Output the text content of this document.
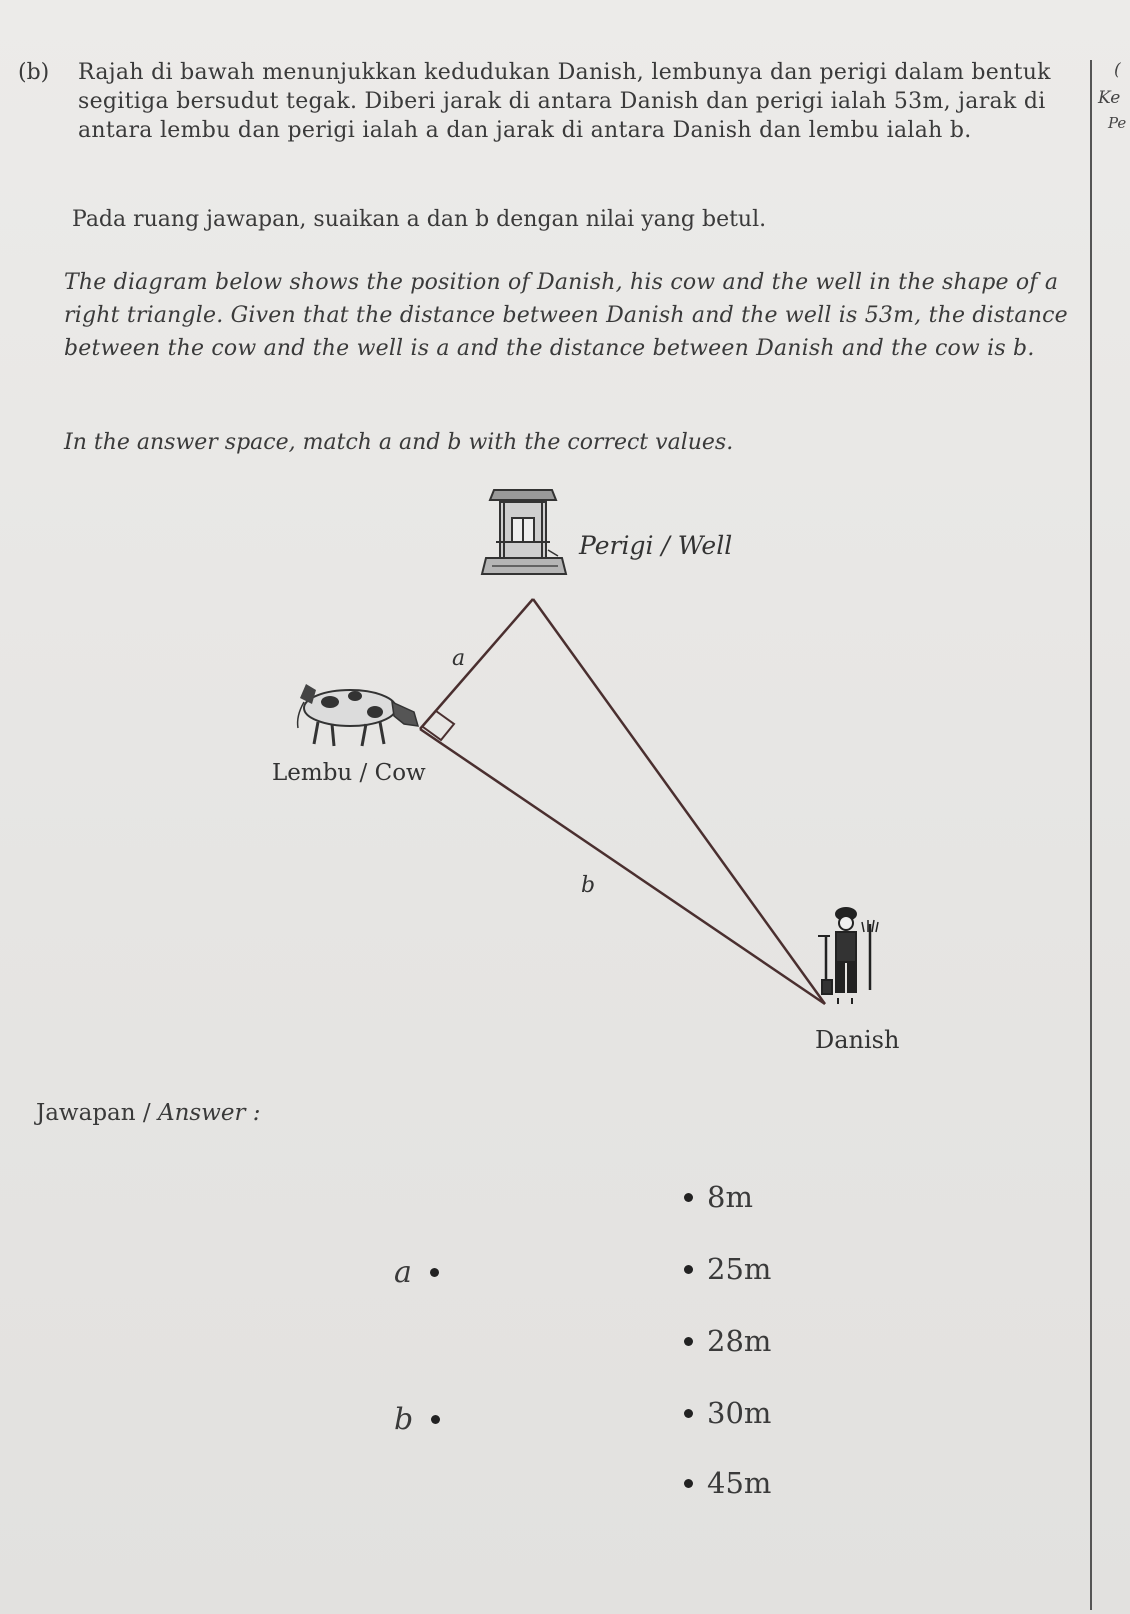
(
Ke
Pe
(b) Rajah di bawah menunjukkan kedudukan Danish, lembunya dan perigi dalam bentuk segitiga bersudut tegak. Diberi jarak di antara Danish dan perigi ialah 53m, jarak di antara lembu dan perigi ialah a dan jarak di antara Danish dan lembu ialah b.
Pada ruang jawapan, suaikan a dan b dengan nilai yang betul.
The diagram below shows the position of Danish, his cow and the well in the shape of a right triangle. Given that the distance between Danish and the well is 53m, the distance between the cow and the well is a and the distance between Danish and the cow is b.
In the answer space, match a and b with the correct values.
Perigi / Well
a
b
Lembu / Cow
Danish
Jawapan / Answer :
a
b
8m
25m
28m
30m
45m
